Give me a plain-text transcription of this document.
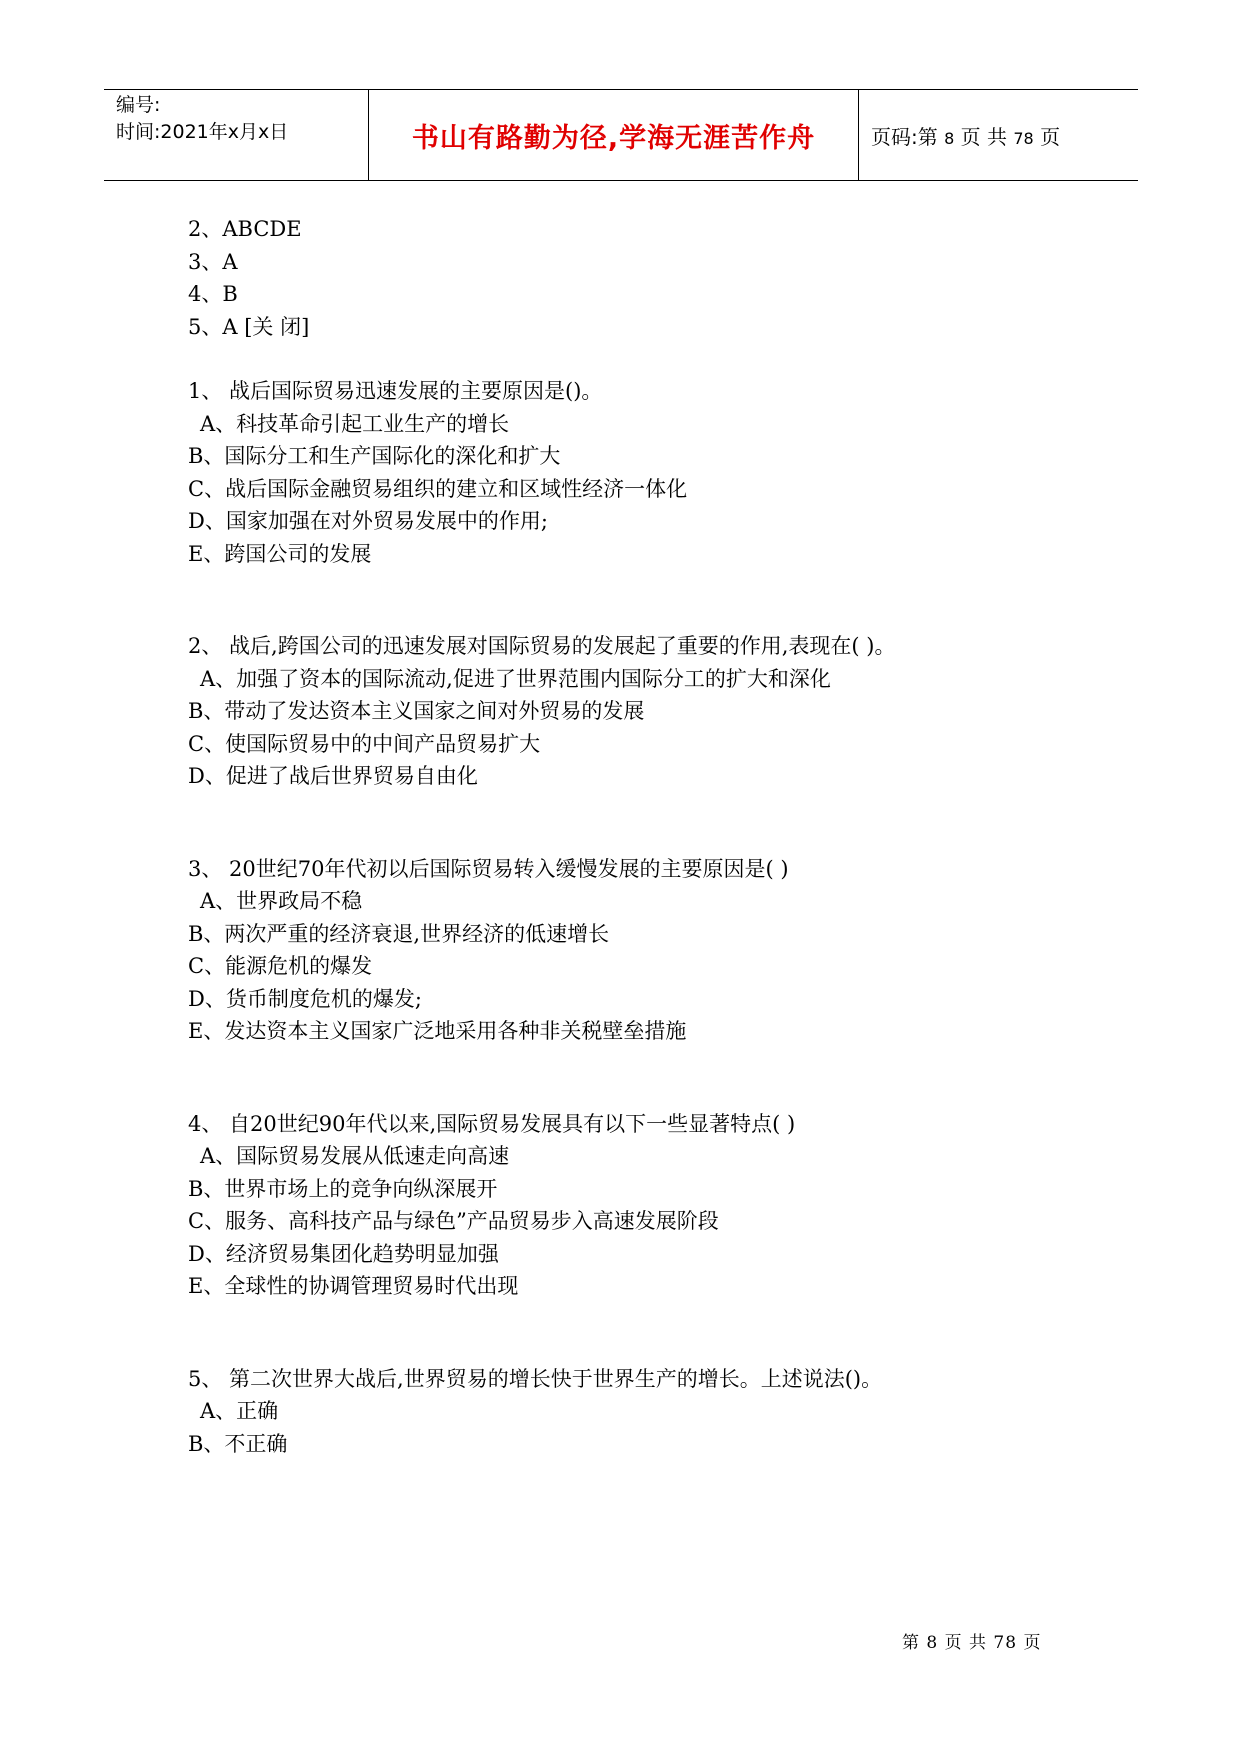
编号:
时间:2021年x月x日	书山有路勤为径,学海无涯苦作舟	页码:第 8 页 共 78 页
2、ABCDE
3、A
4、B
5、A [关 闭]
1、 战后国际贸易迅速发展的主要原因是()。
A、科技革命引起工业生产的增长
B、国际分工和生产国际化的深化和扩大
C、战后国际金融贸易组织的建立和区域性经济一体化
D、国家加强在对外贸易发展中的作用;
E、跨国公司的发展
2、 战后,跨国公司的迅速发展对国际贸易的发展起了重要的作用,表现在( )。
A、加强了资本的国际流动,促进了世界范围内国际分工的扩大和深化
B、带动了发达资本主义国家之间对外贸易的发展
C、使国际贸易中的中间产品贸易扩大
D、促进了战后世界贸易自由化
3、 20世纪70年代初以后国际贸易转入缓慢发展的主要原因是( )
A、世界政局不稳
B、两次严重的经济衰退,世界经济的低速增长
C、能源危机的爆发
D、货币制度危机的爆发;
E、发达资本主义国家广泛地采用各种非关税壁垒措施
4、 自20世纪90年代以来,国际贸易发展具有以下一些显著特点( )
A、国际贸易发展从低速走向高速
B、世界市场上的竞争向纵深展开
C、服务、高科技产品与绿色”产品贸易步入高速发展阶段
D、经济贸易集团化趋势明显加强
E、全球性的协调管理贸易时代出现
5、 第二次世界大战后,世界贸易的增长快于世界生产的增长。上述说法()。
A、正确
B、不正确
第 8 页 共 78 页
